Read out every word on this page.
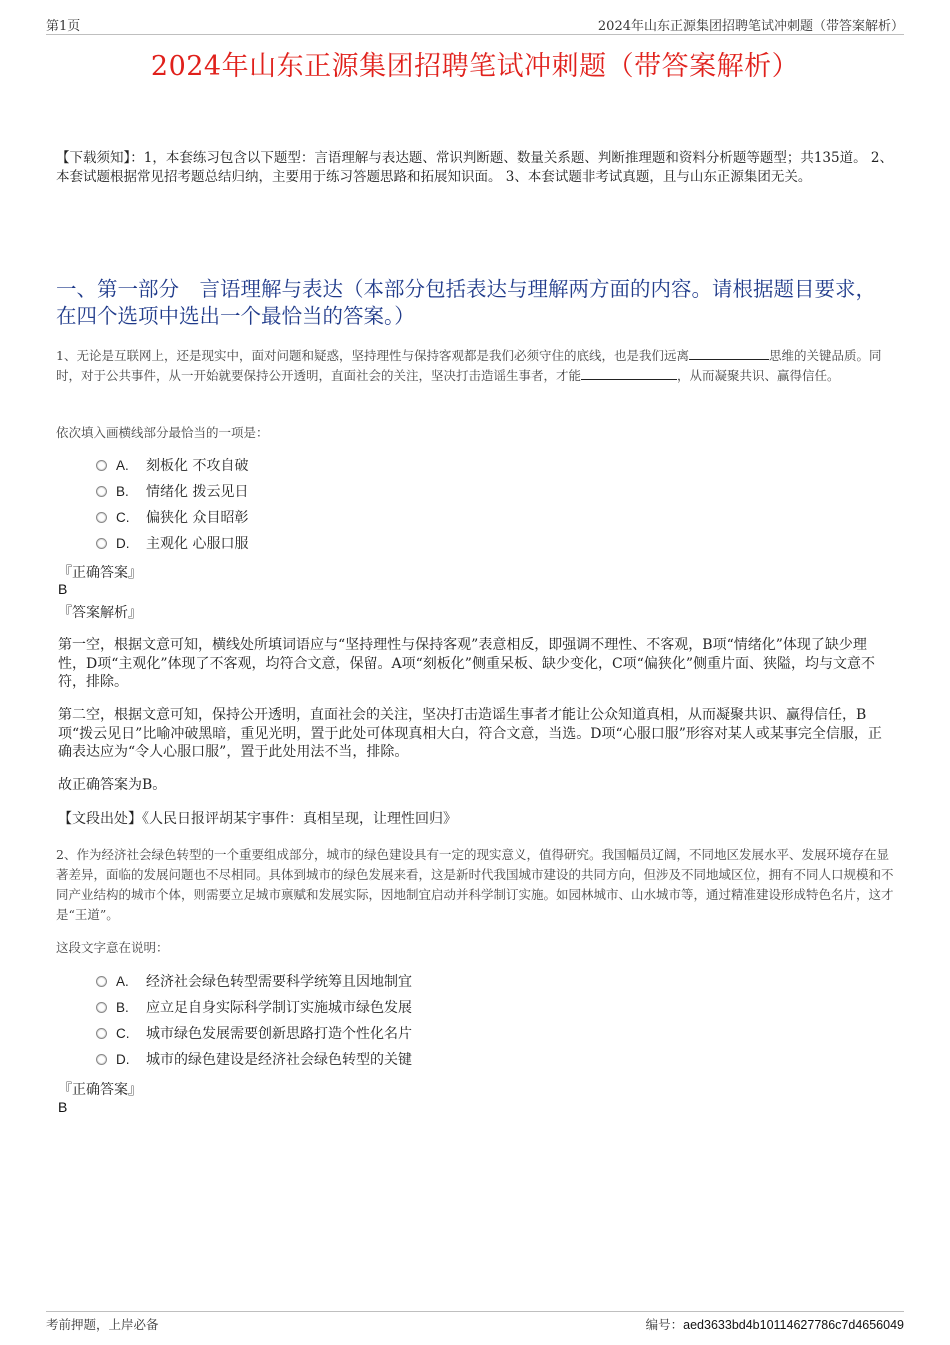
第1页	2024年山东正源集团招聘笔试冲刺题（带答案解析）
2024年山东正源集团招聘笔试冲刺题（带答案解析）
【下载须知】：1，本套练习包含以下题型：言语理解与表达题、常识判断题、数量关系题、判断推理题和资料分析题等题型；共135道。 2、本套试题根据常见招考题总结归纳，主要用于练习答题思路和拓展知识面。 3、本套试题非考试真题，且与山东正源集团无关。
一、第一部分　言语理解与表达（本部分包括表达与理解两方面的内容。请根据题目要求，在四个选项中选出一个最恰当的答案。）
1、无论是互联网上，还是现实中，面对问题和疑惑，坚持理性与保持客观都是我们必须守住的底线，也是我们远离	思维的关键品质。同时，对于公共事件，从一开始就要保持公开透明，直面社会的关注，坚决打击造谣生事者，才能	，从而凝聚共识、赢得信任。
依次填入画横线部分最恰当的一项是：
A.	刻板化 不攻自破
B.	情绪化 拨云见日
C.	偏狭化 众目昭彰
D.	主观化 心服口服
『正确答案』
B
『答案解析』
第一空，根据文意可知，横线处所填词语应与“坚持理性与保持客观”表意相反，即强调不理性、不客观，B项“情绪化”体现了缺少理性，D项“主观化”体现了不客观，均符合文意，保留。A项“刻板化”侧重呆板、缺少变化，C项“偏狭化”侧重片面、狭隘，均与文意不符，排除。
第二空，根据文意可知，保持公开透明，直面社会的关注，坚决打击造谣生事者才能让公众知道真相，从而凝聚共识、赢得信任，B项“拨云见日”比喻冲破黑暗，重见光明，置于此处可体现真相大白，符合文意，当选。D项“心服口服”形容对某人或某事完全信服，正确表达应为“令人心服口服”，置于此处用法不当，排除。
故正确答案为B。
【文段出处】《人民日报评胡某宇事件：真相呈现，让理性回归》
2、作为经济社会绿色转型的一个重要组成部分，城市的绿色建设具有一定的现实意义，值得研究。我国幅员辽阔，不同地区发展水平、发展环境存在显著差异，面临的发展问题也不尽相同。具体到城市的绿色发展来看，这是新时代我国城市建设的共同方向，但涉及不同地域区位，拥有不同人口规模和不同产业结构的城市个体，则需要立足城市禀赋和发展实际，因地制宜启动并科学制订实施。如园林城市、山水城市等，通过精准建设形成特色名片，这才是“王道”。
这段文字意在说明：
A.	经济社会绿色转型需要科学统筹且因地制宜
B.	应立足自身实际科学制订实施城市绿色发展
C.	城市绿色发展需要创新思路打造个性化名片
D.	城市的绿色建设是经济社会绿色转型的关键
『正确答案』
B
考前押题，上岸必备	编号：aed3633bd4b10114627786c7d4656049
